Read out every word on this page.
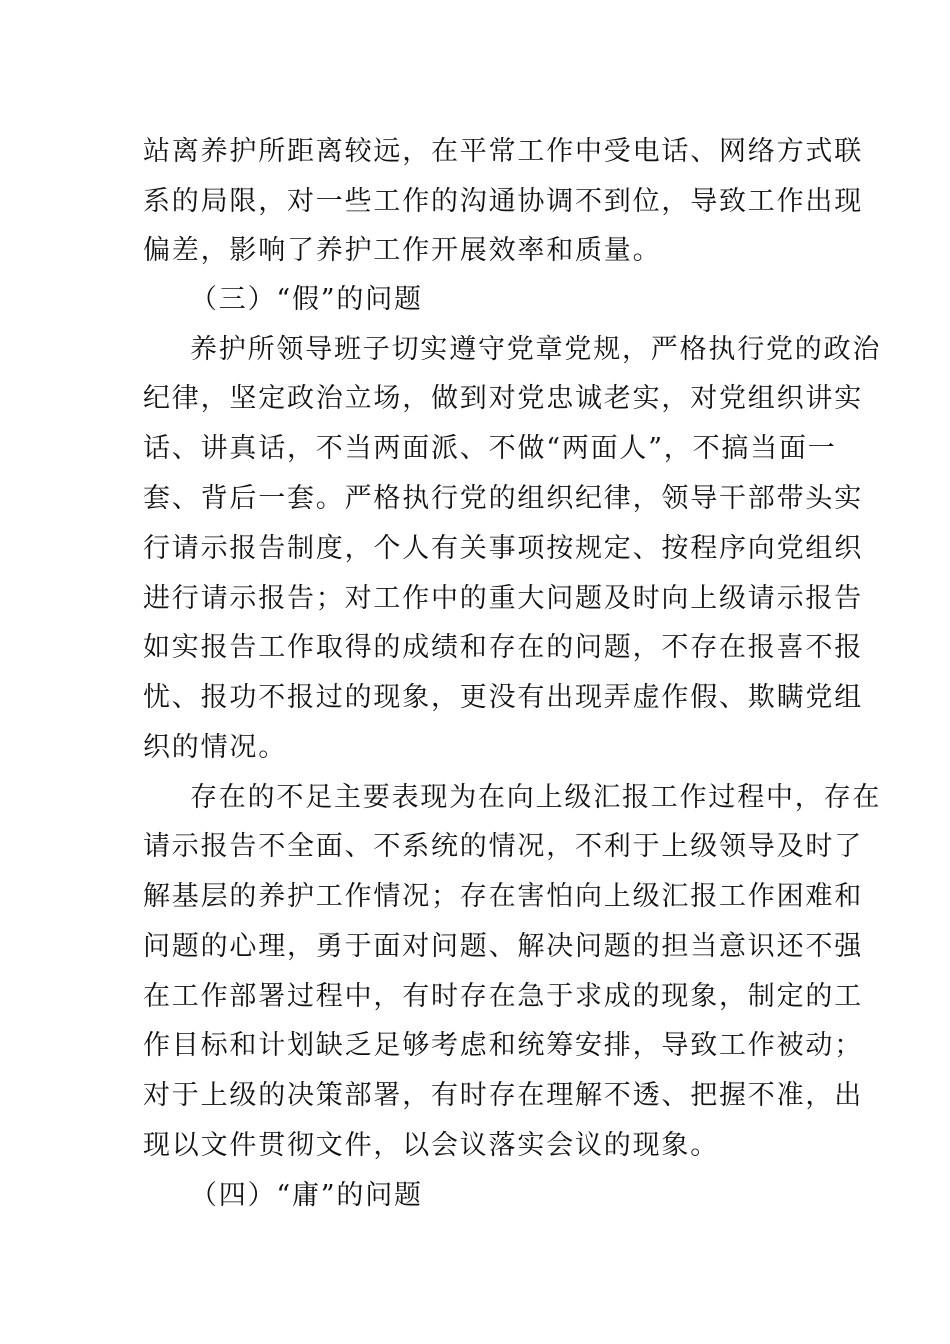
站离养护所距离较远，在平常工作中受电话、网络方式联
系的局限，对一些工作的沟通协调不到位，导致工作出现
偏差，影响了养护工作开展效率和质量。
（三）“假”的问题
养护所领导班子切实遵守党章党规，严格执行党的政治
纪律，坚定政治立场，做到对党忠诚老实，对党组织讲实
话、讲真话，不当两面派、不做“两面人”，不搞当面一
套、背后一套。严格执行党的组织纪律，领导干部带头实
行请示报告制度，个人有关事项按规定、按程序向党组织
进行请示报告；对工作中的重大问题及时向上级请示报告
如实报告工作取得的成绩和存在的问题，不存在报喜不报
忧、报功不报过的现象，更没有出现弄虚作假、欺瞒党组
织的情况。
存在的不足主要表现为在向上级汇报工作过程中，存在
请示报告不全面、不系统的情况，不利于上级领导及时了
解基层的养护工作情况；存在害怕向上级汇报工作困难和
问题的心理，勇于面对问题、解决问题的担当意识还不强
在工作部署过程中，有时存在急于求成的现象，制定的工
作目标和计划缺乏足够考虑和统筹安排，导致工作被动；
对于上级的决策部署，有时存在理解不透、把握不准，出
现以文件贯彻文件，以会议落实会议的现象。
（四）“庸”的问题
